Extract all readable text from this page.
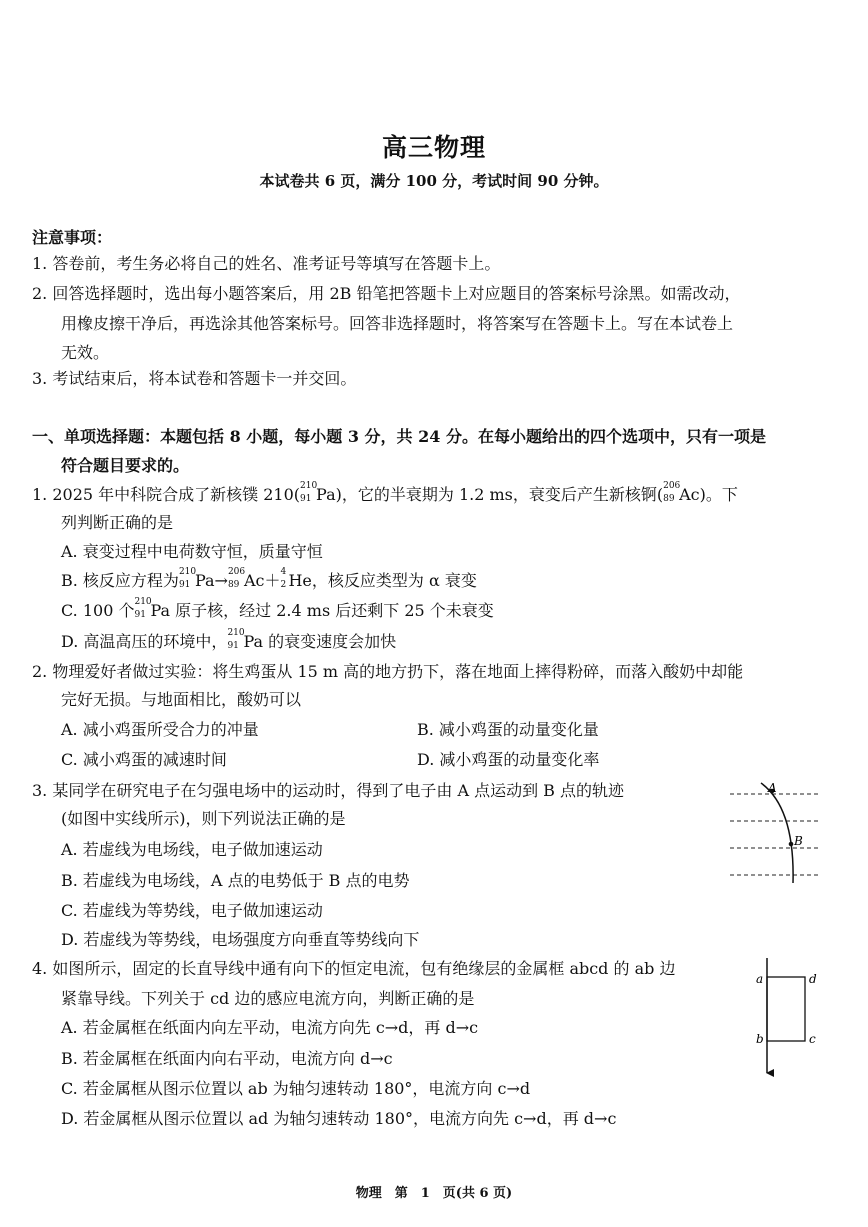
高三物理
本试卷共 6 页，满分 100 分，考试时间 90 分钟。
注意事项：
1. 答卷前，考生务必将自己的姓名、准考证号等填写在答题卡上。
2. 回答选择题时，选出每小题答案后，用 2B 铅笔把答题卡上对应题目的答案标号涂黑。如需改动，
用橡皮擦干净后，再选涂其他答案标号。回答非选择题时，将答案写在答题卡上。写在本试卷上
无效。
3. 考试结束后，将本试卷和答题卡一并交回。
一、单项选择题：本题包括 8 小题，每小题 3 分，共 24 分。在每小题给出的四个选项中，只有一项是
符合题目要求的。
1. 2025 年中科院合成了新核镤 210( 210
91 Pa)，它的半衰期为 1.2 ms，衰变后产生新核锕( 206
89 Ac)。下
列判断正确的是
A. 衰变过程中电荷数守恒，质量守恒
B. 核反应方程为 210
91 Pa→ 206
89 Ac＋ 4
2 He，核反应类型为 α 衰变
C. 100 个 210
91 Pa 原子核，经过 2.4 ms 后还剩下 25 个未衰变
D. 高温高压的环境中， 210
91 Pa 的衰变速度会加快
2. 物理爱好者做过实验：将生鸡蛋从 15 m 高的地方扔下，落在地面上摔得粉碎，而落入酸奶中却能
完好无损。与地面相比，酸奶可以
A. 减小鸡蛋所受合力的冲量	B. 减小鸡蛋的动量变化量
C. 减小鸡蛋的减速时间	D. 减小鸡蛋的动量变化率
3. 某同学在研究电子在匀强电场中的运动时，得到了电子由 A 点运动到 B 点的轨迹
(如图中实线所示)，则下列说法正确的是
A. 若虚线为电场线，电子做加速运动
B. 若虚线为电场线，A 点的电势低于 B 点的电势
C. 若虚线为等势线，电子做加速运动
D. 若虚线为等势线，电场强度方向垂直等势线向下
A
B
4. 如图所示，固定的长直导线中通有向下的恒定电流，包有绝缘层的金属框 abcd 的 ab 边
紧靠导线。下列关于 cd 边的感应电流方向，判断正确的是
A. 若金属框在纸面内向左平动，电流方向先 c→d，再 d→c
B. 若金属框在纸面内向右平动，电流方向 d→c
C. 若金属框从图示位置以 ab 为轴匀速转动 180°，电流方向 c→d
D. 若金属框从图示位置以 ad 为轴匀速转动 180°，电流方向先 c→d，再 d→c
a
b	c
d
物理　第　1　页(共 6 页)
